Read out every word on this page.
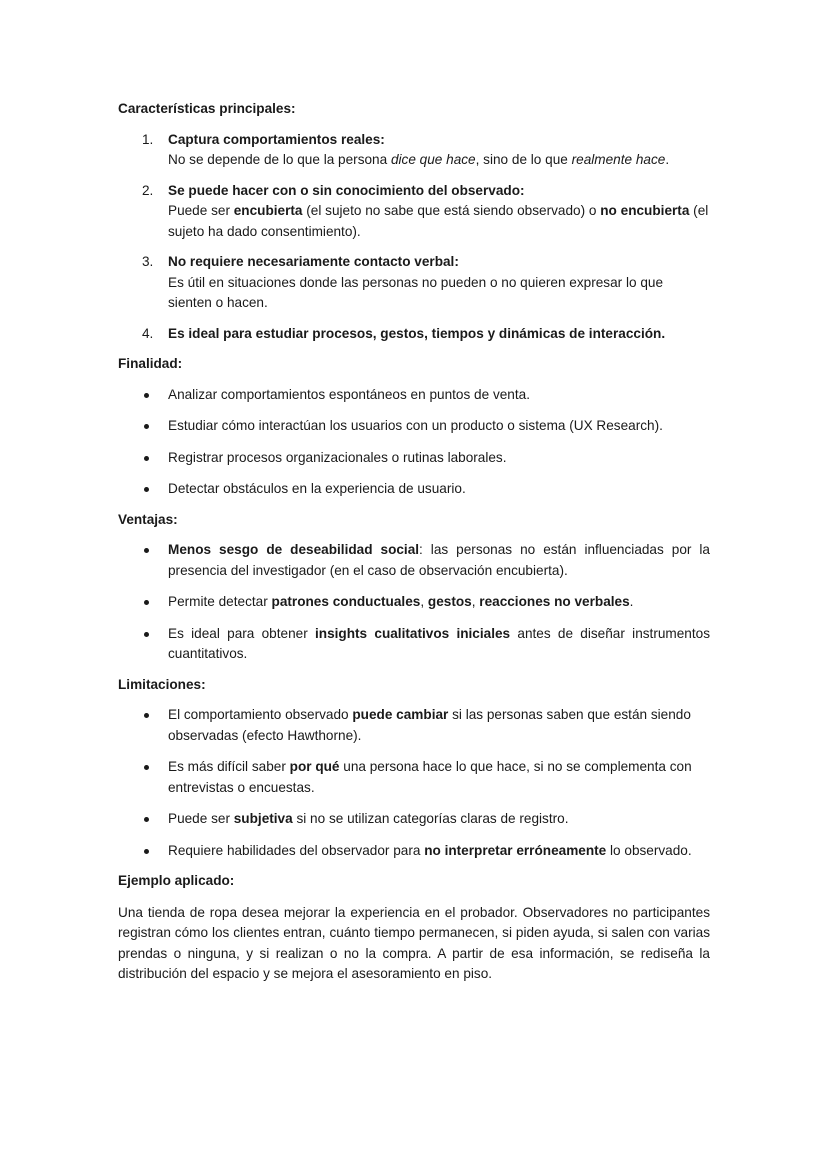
Características principales:

1. Captura comportamientos reales:
No se depende de lo que la persona dice que hace, sino de lo que realmente hace.
2. Se puede hacer con o sin conocimiento del observado:
Puede ser encubierta (el sujeto no sabe que está siendo observado) o no encubierta (el sujeto ha dado consentimiento).
3. No requiere necesariamente contacto verbal:
Es útil en situaciones donde las personas no pueden o no quieren expresar lo que sienten o hacen.
4. Es ideal para estudiar procesos, gestos, tiempos y dinámicas de interacción.

Finalidad:

Analizar comportamientos espontáneos en puntos de venta.
Estudiar cómo interactúan los usuarios con un producto o sistema (UX Research).
Registrar procesos organizacionales o rutinas laborales.
Detectar obstáculos en la experiencia de usuario.

Ventajas:

Menos sesgo de deseabilidad social: las personas no están influenciadas por la presencia del investigador (en el caso de observación encubierta).
Permite detectar patrones conductuales, gestos, reacciones no verbales.
Es ideal para obtener insights cualitativos iniciales antes de diseñar instrumentos cuantitativos.

Limitaciones:

El comportamiento observado puede cambiar si las personas saben que están siendo observadas (efecto Hawthorne).
Es más difícil saber por qué una persona hace lo que hace, si no se complementa con entrevistas o encuestas.
Puede ser subjetiva si no se utilizan categorías claras de registro.
Requiere habilidades del observador para no interpretar erróneamente lo observado.

Ejemplo aplicado:

Una tienda de ropa desea mejorar la experiencia en el probador. Observadores no participantes registran cómo los clientes entran, cuánto tiempo permanecen, si piden ayuda, si salen con varias prendas o ninguna, y si realizan o no la compra. A partir de esa información, se rediseña la distribución del espacio y se mejora el asesoramiento en piso.
